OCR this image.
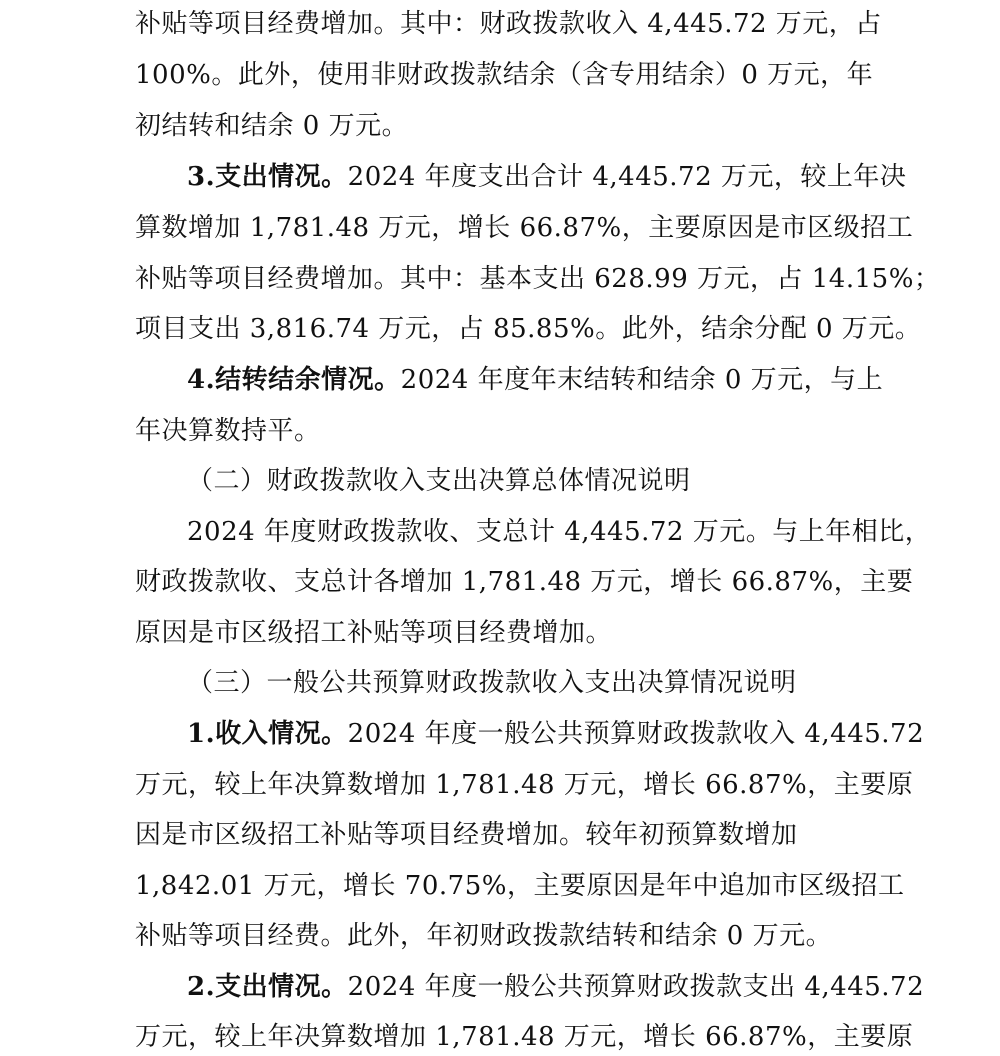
补贴等项目经费增加。其中：财政拨款收入 4,445.72 万元，占
100%。此外，使用非财政拨款结余（含专用结余）0 万元，年
初结转和结余 0 万元。
3.支出情况。2024 年度支出合计 4,445.72 万元，较上年决
算数增加 1,781.48 万元，增长 66.87%，主要原因是市区级招工
补贴等项目经费增加。其中：基本支出 628.99 万元，占 14.15%；
项目支出 3,816.74 万元，占 85.85%。此外，结余分配 0 万元。
4.结转结余情况。2024 年度年末结转和结余 0 万元，与上
年决算数持平。
（二）财政拨款收入支出决算总体情况说明
2024 年度财政拨款收、支总计 4,445.72 万元。与上年相比，
财政拨款收、支总计各增加 1,781.48 万元，增长 66.87%，主要
原因是市区级招工补贴等项目经费增加。
（三）一般公共预算财政拨款收入支出决算情况说明
1.收入情况。2024 年度一般公共预算财政拨款收入 4,445.72
万元，较上年决算数增加 1,781.48 万元，增长 66.87%，主要原
因是市区级招工补贴等项目经费增加。较年初预算数增加
1,842.01 万元，增长 70.75%，主要原因是年中追加市区级招工
补贴等项目经费。此外，年初财政拨款结转和结余 0 万元。
2.支出情况。2024 年度一般公共预算财政拨款支出 4,445.72
万元，较上年决算数增加 1,781.48 万元，增长 66.87%，主要原
